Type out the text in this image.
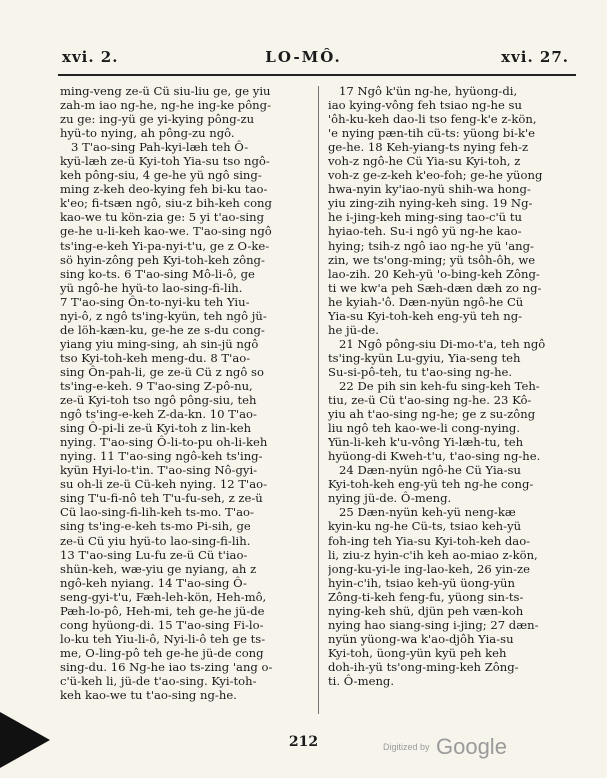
xvi. 2.	LO-MÔ.	xvi. 27.
ming-veng ze-ü Cü siu-liu ge, ge yiu
zah-m iao ng-he, ng-he ing-ke pông-
zu ge: ing-yü ge yi-kying pông-zu
hyü-to nying, ah pông-zu ngô.
3 T'ao-sing Pah-kyi-læh teh Ô-
kyü-læh ze-ü Kyi-toh Yia-su tso ngô-
keh pông-siu, 4 ge-he yü ngô sing-
ming z-keh deo-kying feh bi-ku tao-
k'eo; fi-tsæn ngô, siu-z bih-keh cong
kao-we tu kön-zia ge: 5 yi t'ao-sing
ge-he u-li-keh kao-we. T'ao-sing ngô
ts'ing-e-keh Yi-pa-nyi-t'u, ge z O-ke-
sö hyin-zông peh Kyi-toh-keh zông-
sing ko-ts. 6 T'ao-sing Mô-li-ô, ge
yü ngô-he hyü-to lao-sing-fi-lih.
7 T'ao-sing Ôn-to-nyi-ku teh Yiu-
nyi-ô, z ngô ts'ing-kyün, teh ngô jü-
de löh-kæn-ku, ge-he ze s-du cong-
yiang yiu ming-sing, ah sin-jü ngô
tso Kyi-toh-keh meng-du. 8 T'ao-
sing Ôn-pah-li, ge ze-ü Cü z ngô so
ts'ing-e-keh. 9 T'ao-sing Z-pô-nu,
ze-ü Kyi-toh tso ngô pông-siu, teh
ngô ts'ing-e-keh Z-da-kn. 10 T'ao-
sing Ô-pi-li ze-ü Kyi-toh z lin-keh
nying. T'ao-sing Ô-li-to-pu oh-li-keh
nying. 11 T'ao-sing ngô-keh ts'ing-
kyün Hyi-lo-t'in. T'ao-sing Nô-gyi-
su oh-li ze-ü Cü-keh nying. 12 T'ao-
sing T'u-fi-nô teh T'u-fu-seh, z ze-ü
Cü lao-sing-fi-lih-keh ts-mo. T'ao-
sing ts'ing-e-keh ts-mo Pi-sih, ge
ze-ü Cü yiu hyü-to lao-sing-fi-lih.
13 T'ao-sing Lu-fu ze-ü Cü t'iao-
shün-keh, wæ-yiu ge nyiang, ah z
ngô-keh nyiang. 14 T'ao-sing Ô-
seng-gyi-t'u, Fæh-leh-kön, Heh-mô,
Pæh-lo-pô, Heh-mi, teh ge-he jü-de
cong hyüong-di. 15 T'ao-sing Fi-lo-
lo-ku teh Yiu-li-ô, Nyi-li-ô teh ge ts-
me, O-ling-pô teh ge-he jü-de cong
sing-du. 16 Ng-he iao ts-zing 'ang o-
c'ü-keh li, jü-de t'ao-sing. Kyi-toh-
keh kao-we tu t'ao-sing ng-he.
17 Ngô k'ün ng-he, hyüong-di,
iao kying-vông feh tsiao ng-he su
'ôh-ku-keh dao-li tso feng-k'e z-kön,
'e nying pæn-tih cü-ts: yüong bi-k'e
ge-he. 18 Keh-yiang-ts nying feh-z
voh-z ngô-he Cü Yia-su Kyi-toh, z
voh-z ge-z-keh k'eo-foh; ge-he yüong
hwa-nyin ky'iao-nyü shih-wa hong-
yiu zing-zih nying-keh sing. 19 Ng-
he i-jing-keh ming-sing tao-c'ü tu
hyiao-teh. Su-i ngô yü ng-he kao-
hying; tsih-z ngô iao ng-he yü 'ang-
zin, we ts'ong-ming; yü tsôh-ôh, we
lao-zih. 20 Keh-yü 'o-bing-keh Zông-
ti we kw'a peh Sæh-dæn dæh zo ng-
he kyiah-'ô. Dæn-nyün ngô-he Cü
Yia-su Kyi-toh-keh eng-yü teh ng-
he jü-de.
21 Ngô pông-siu Di-mo-t'a, teh ngô
ts'ing-kyün Lu-gyiu, Yia-seng teh
Su-si-pô-teh, tu t'ao-sing ng-he.
22 De pih sin keh-fu sing-keh Teh-
tiu, ze-ü Cü t'ao-sing ng-he. 23 Kô-
yiu ah t'ao-sing ng-he; ge z su-zông
liu ngô teh kao-we-li cong-nying.
Yün-li-keh k'u-vông Yi-læh-tu, teh
hyüong-di Kweh-t'u, t'ao-sing ng-he.
24 Dæn-nyün ngô-he Cü Yia-su
Kyi-toh-keh eng-yü teh ng-he cong-
nying jü-de. Ô-meng.
25 Dæn-nyün keh-yü neng-kæ
kyin-ku ng-he Cü-ts, tsiao keh-yü
foh-ing teh Yia-su Kyi-toh-keh dao-
li, ziu-z hyin-c'ih keh ao-miao z-kön,
jong-ku-yi-le ing-lao-keh, 26 yin-ze
hyin-c'ih, tsiao keh-yü üong-yün
Zông-ti-keh feng-fu, yüong sin-ts-
nying-keh shü, djün peh væn-koh
nying hao siang-sing i-jing; 27 dæn-
nyün yüong-wa k'ao-djôh Yia-su
Kyi-toh, üong-yün kyü peh keh
doh-ih-yü ts'ong-ming-keh Zông-
ti. Ô-meng.
212	Digitized by Google
